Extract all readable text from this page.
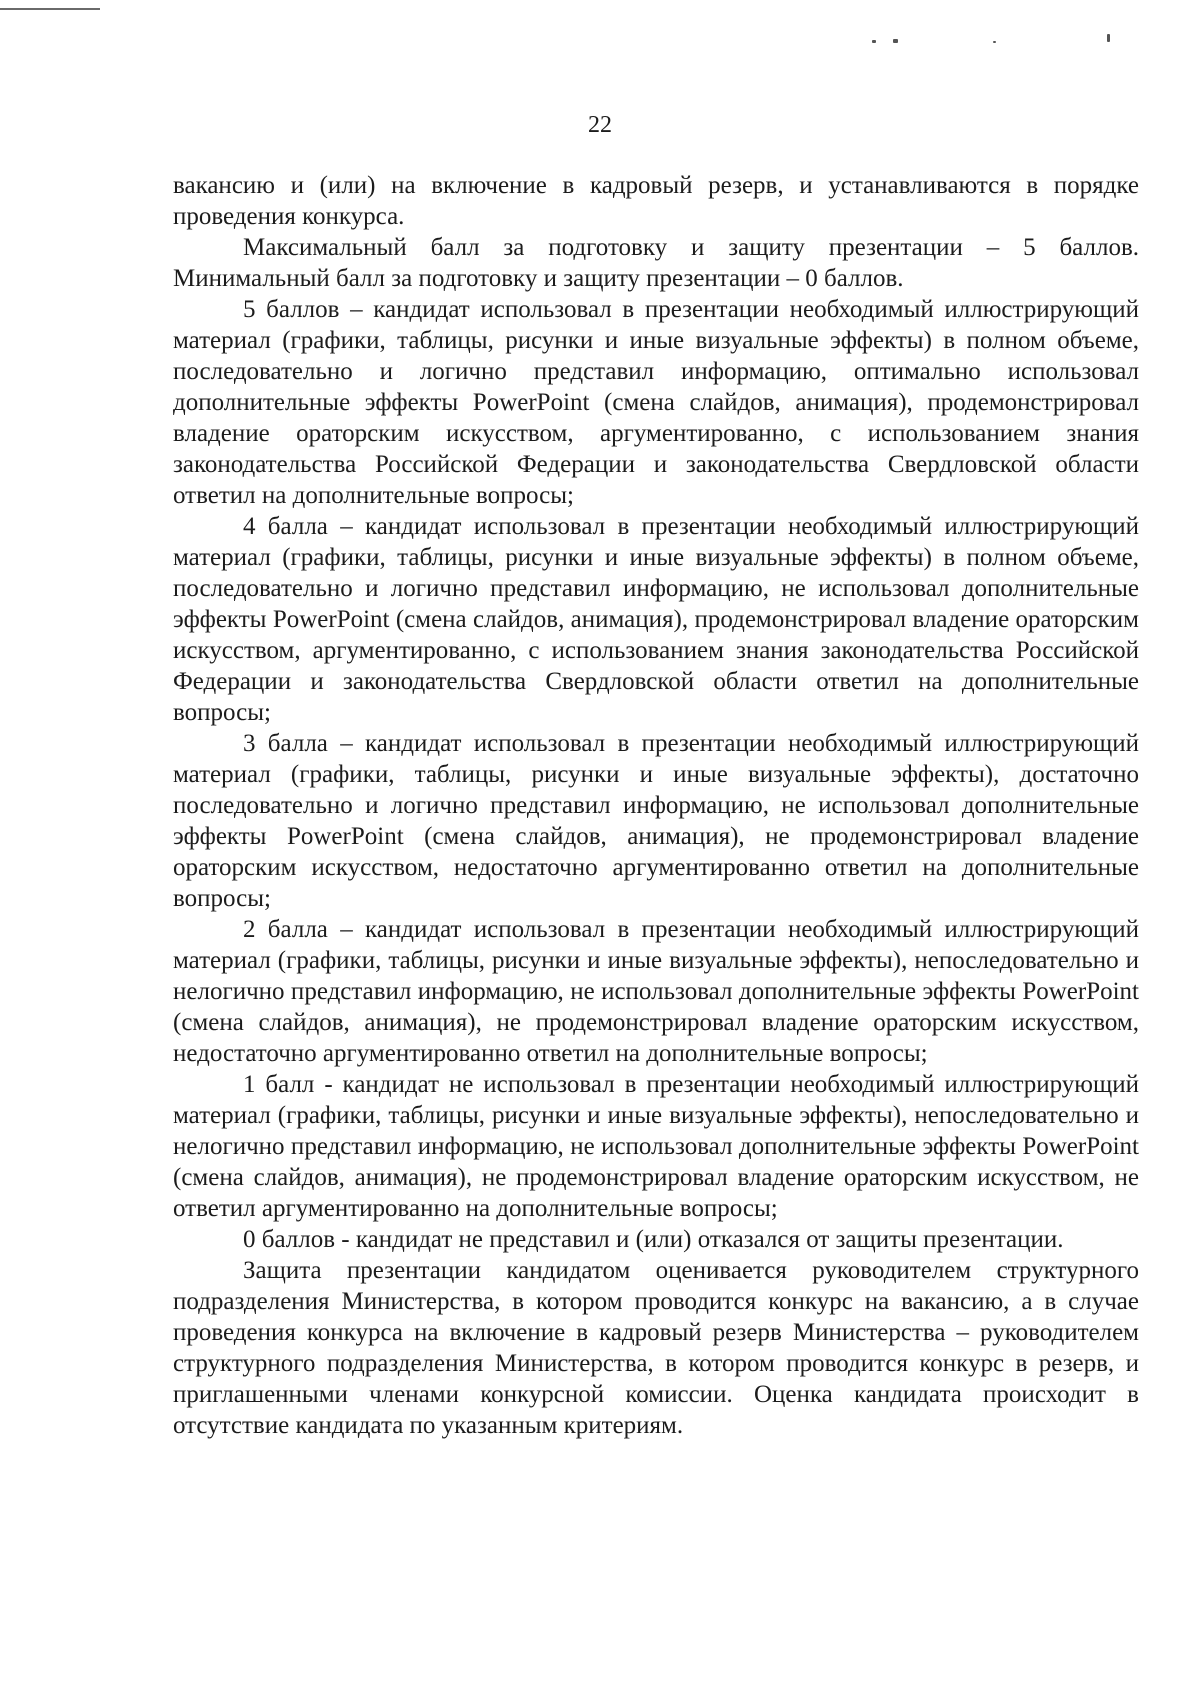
22

вакансию и (или) на включение в кадровый резерв, и устанавливаются в порядке проведения конкурса.

Максимальный балл за подготовку и защиту презентации – 5 баллов. Минимальный балл за подготовку и защиту презентации – 0 баллов.

5 баллов – кандидат использовал в презентации необходимый иллюстрирующий материал (графики, таблицы, рисунки и иные визуальные эффекты) в полном объеме, последовательно и логично представил информацию, оптимально использовал дополнительные эффекты PowerPoint (смена слайдов, анимация), продемонстрировал владение ораторским искусством, аргументированно, с использованием знания законодательства Российской Федерации и законодательства Свердловской области ответил на дополнительные вопросы;

4 балла – кандидат использовал в презентации необходимый иллюстрирующий материал (графики, таблицы, рисунки и иные визуальные эффекты) в полном объеме, последовательно и логично представил информацию, не использовал дополнительные эффекты PowerPoint (смена слайдов, анимация), продемонстрировал владение ораторским искусством, аргументированно, с использованием знания законодательства Российской Федерации и законодательства Свердловской области ответил на дополнительные вопросы;

3 балла – кандидат использовал в презентации необходимый иллюстрирующий материал (графики, таблицы, рисунки и иные визуальные эффекты), достаточно последовательно и логично представил информацию, не использовал дополнительные эффекты PowerPoint (смена слайдов, анимация), не продемонстрировал владение ораторским искусством, недостаточно аргументированно ответил на дополнительные вопросы;

2 балла – кандидат использовал в презентации необходимый иллюстрирующий материал (графики, таблицы, рисунки и иные визуальные эффекты), непоследовательно и нелогично представил информацию, не использовал дополнительные эффекты PowerPoint (смена слайдов, анимация), не продемонстрировал владение ораторским искусством, недостаточно аргументированно ответил на дополнительные вопросы;

1 балл - кандидат не использовал в презентации необходимый иллюстрирующий материал (графики, таблицы, рисунки и иные визуальные эффекты), непоследовательно и нелогично представил информацию, не использовал дополнительные эффекты PowerPoint (смена слайдов, анимация), не продемонстрировал владение ораторским искусством, не ответил аргументированно на дополнительные вопросы;

0 баллов - кандидат не представил и (или) отказался от защиты презентации.

Защита презентации кандидатом оценивается руководителем структурного подразделения Министерства, в котором проводится конкурс на вакансию, а в случае проведения конкурса на включение в кадровый резерв Министерства – руководителем структурного подразделения Министерства, в котором проводится конкурс в резерв, и приглашенными членами конкурсной комиссии. Оценка кандидата происходит в отсутствие кандидата по указанным критериям.
